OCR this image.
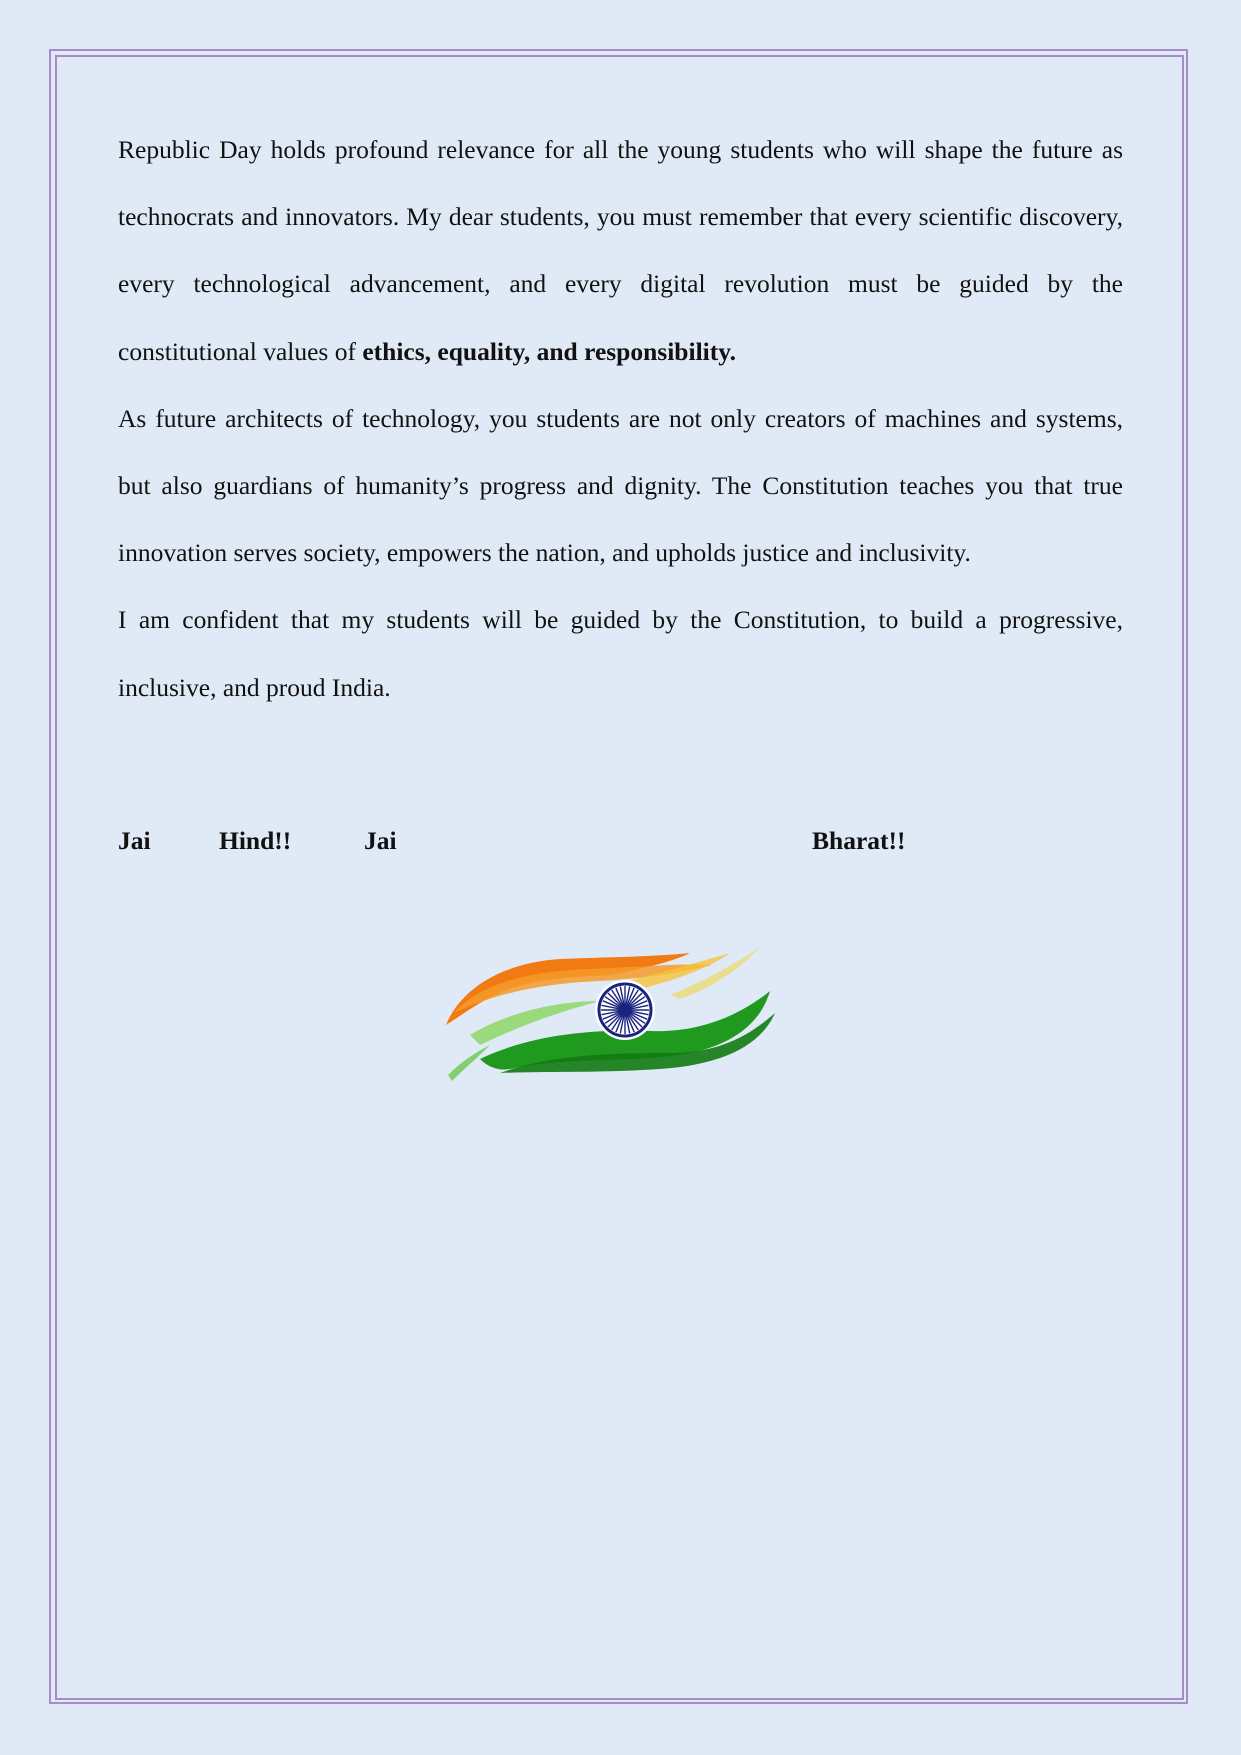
Republic Day holds profound relevance for all the young students who will shape the future as technocrats and innovators. My dear students, you must remember that every scientific discovery, every technological advancement, and every digital revolution must be guided by the constitutional values of ethics, equality, and responsibility.

As future architects of technology, you students are not only creators of machines and systems, but also guardians of humanity’s progress and dignity. The Constitution teaches you that true innovation serves society, empowers the nation, and upholds justice and inclusivity.

I am confident that my students will be guided by the Constitution, to build a progressive, inclusive, and proud India.

Jai	Hind!!	Jai	Bharat!!
